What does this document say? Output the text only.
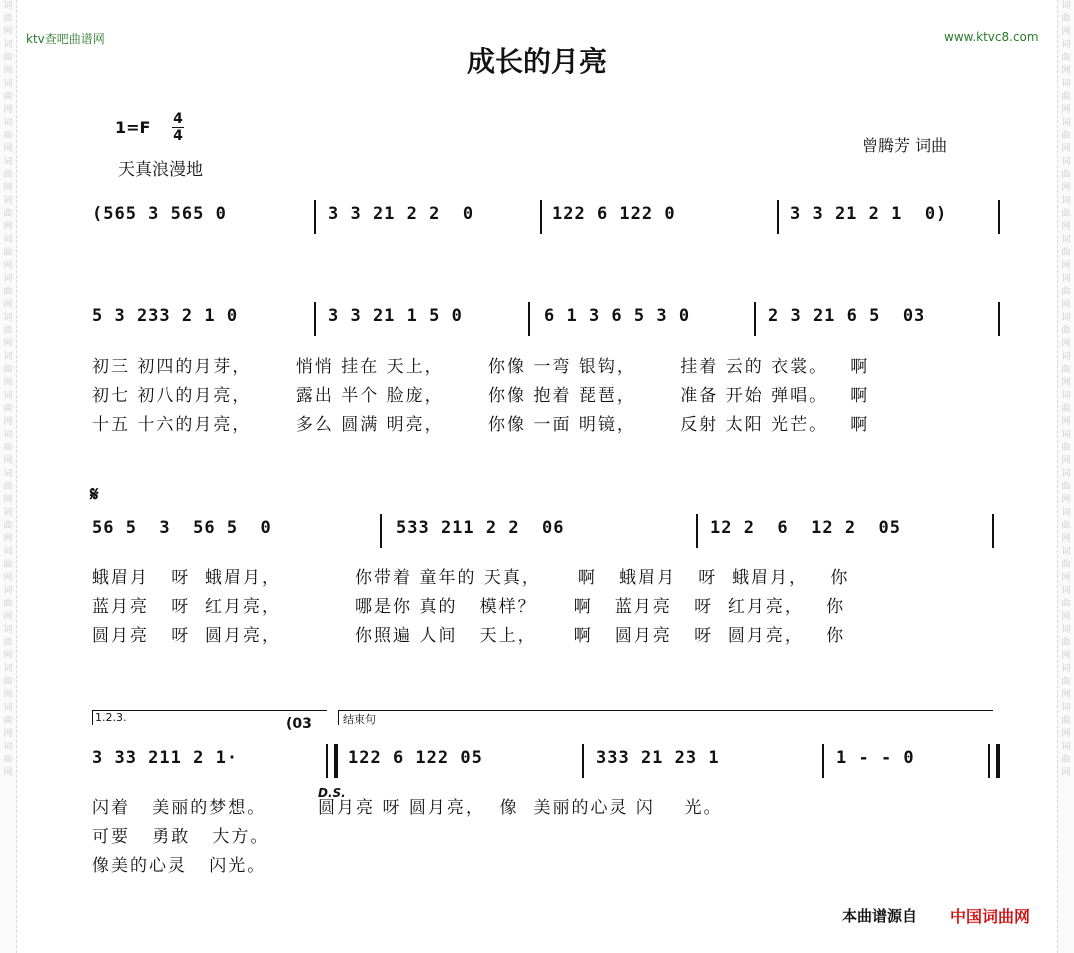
词曲网词曲网词曲网词曲网词曲网词曲网词曲网词曲网词曲网词曲网词曲网词曲网词曲网词曲网词曲网词曲网词曲网词曲网词曲网词曲网
词曲网词曲网词曲网词曲网词曲网词曲网词曲网词曲网词曲网词曲网词曲网词曲网词曲网词曲网词曲网词曲网词曲网词曲网词曲网词曲网
ktv查吧曲谱网	www.ktvc8.com
成长的月亮
1=F 4
4
天真浪漫地
曾腾芳 词曲
(565 3 565 0	3 3 21 2 2  0	122 6 122 0	3 3 21 2 1  0)
5 3 233 2 1 0	3 3 21 1 5 0	6 1 3 6 5 3 0	2 3 21 6 5  03
初三 初四的月芽，      悄悄 挂在 天上，      你像 一弯 银钩，      挂着 云的 衣裳。   啊
初七 初八的月亮，      露出 半个 脸庞，      你像 抱着 琵琶，      准备 开始 弹唱。   啊
十五 十六的月亮，      多么 圆满 明亮，      你像 一面 明镜，      反射 太阳 光芒。   啊
𝄋
56 5  3  56 5  0	533 211 2 2  06	12 2  6  12 2  05
蛾眉月   呀  蛾眉月，          你带着 童年的 天真，     啊   蛾眉月   呀  蛾眉月，   你
蓝月亮   呀  红月亮，          哪是你 真的   模样？     啊   蓝月亮   呀  红月亮，   你
圆月亮   呀  圆月亮，          你照遍 人间   天上，     啊   圆月亮   呀  圆月亮，   你
1.2.3.	(03	结束句
3 33 211 2 1·	122 6 122 05	333 21 23 1	1 - - 0
D.S.
闪着   美丽的梦想。       圆月亮 呀 圆月亮，  像  美丽的心灵 闪    光。
可要   勇敢   大方。
像美的心灵   闪光。
本曲谱源自 中国词曲网
